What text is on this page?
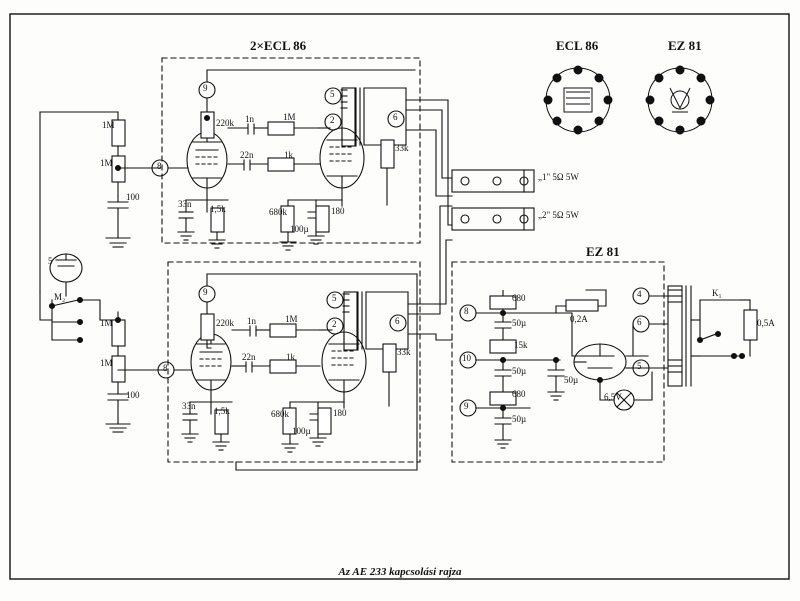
2×ECL 86	ECL 86	EZ 81
EZ 81
9
8
5
2	6
1M
1M
100
220k 1n	1M
22n	1k
33n 1,5k	680k
100µ
180
33k
„1" 5Ω 5W
„2" 5Ω 5W
5
M₂	9
8
5
2	6
1M
1M
100
220k 1n	1M
22n	1k
33n 1,5k	680k
100µ
180
33k
8
10
9
4
6
5
0,2A
680
50µ
15k
50µ
680
50µ
50µ
6,5V
K₁
0,5A
Az AE 233 kapcsolási rajza
